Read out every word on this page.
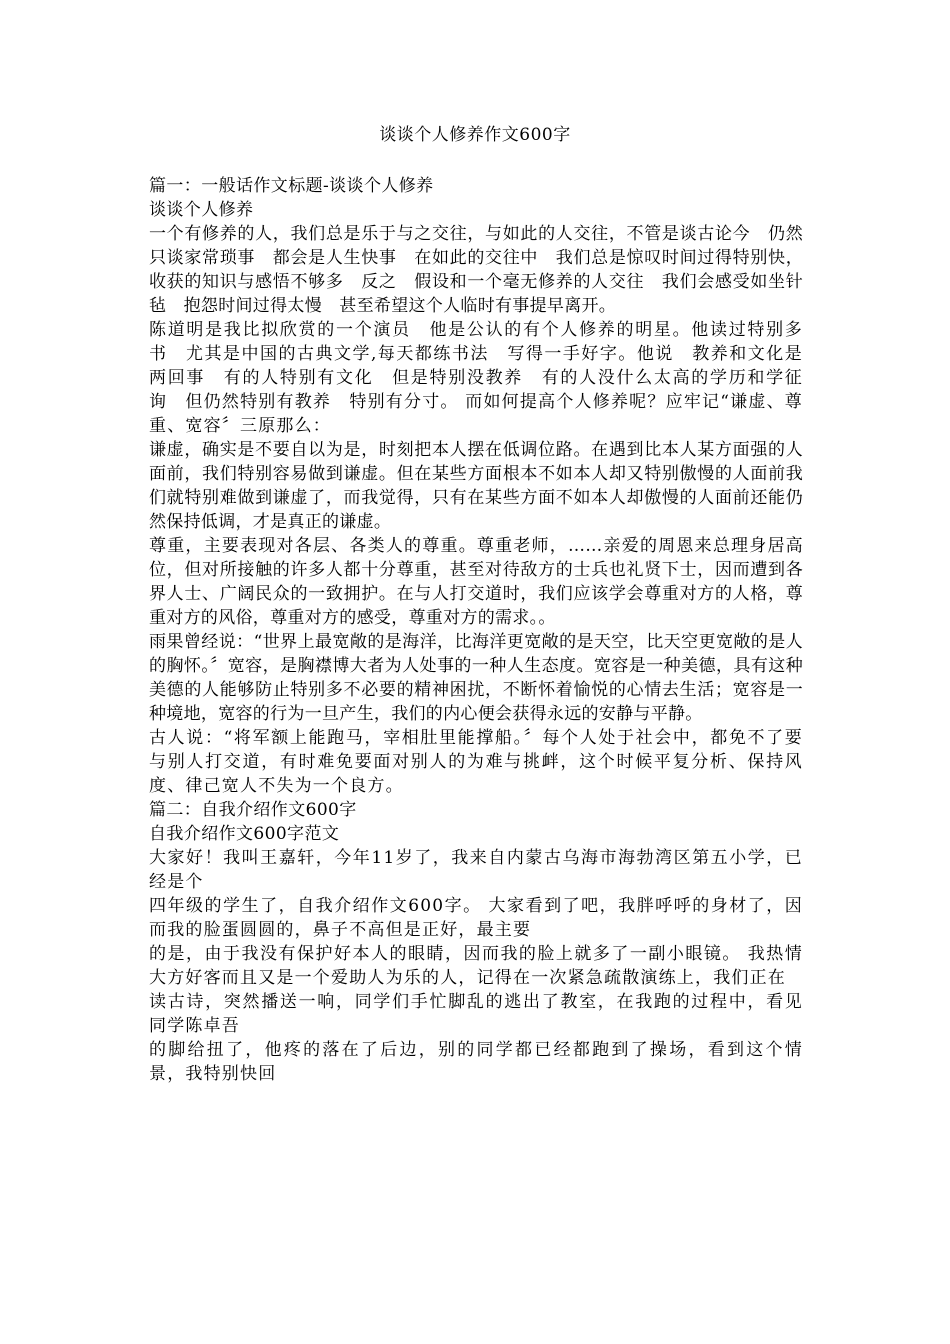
谈谈个人修养作文600字

篇一：一般话作文标题-谈谈个人修养

谈谈个人修养

一个有修养的人，我们总是乐于与之交往，与如此的人交往，不管是谈古论今　仍然只谈家常琐事　都会是人生快事　在如此的交往中　我们总是惊叹时间过得特别快，收获的知识与感悟不够多　反之　假设和一个毫无修养的人交往　我们会感受如坐针毡　抱怨时间过得太慢　甚至希望这个人临时有事提早离开。

陈道明是我比拟欣赏的一个演员　他是公认的有个人修养的明星。他读过特别多书　尤其是中国的古典文学,每天都练书法　写得一手好字。他说　教养和文化是两回事　有的人特别有文化　但是特别没教养　有的人没什么太高的学历和学征询　但仍然特别有教养　特别有分寸。 而如何提高个人修养呢？应牢记“谦虚、尊重、宽容〞三原那么：

谦虚，确实是不要自以为是，时刻把本人摆在低调位路。在遇到比本人某方面强的人面前，我们特别容易做到谦虚。但在某些方面根本不如本人却又特别傲慢的人面前我们就特别难做到谦虚了，而我觉得，只有在某些方面不如本人却傲慢的人面前还能仍然保持低调，才是真正的谦虚。

尊重，主要表现对各层、各类人的尊重。尊重老师，……亲爱的周恩来总理身居高位，但对所接触的许多人都十分尊重，甚至对待敌方的士兵也礼贤下士，因而遭到各界人士、广阔民众的一致拥护。在与人打交道时，我们应该学会尊重对方的人格，尊重对方的风俗，尊重对方的感受，尊重对方的需求。。

雨果曾经说：“世界上最宽敞的是海洋，比海洋更宽敞的是天空，比天空更宽敞的是人的胸怀。〞宽容，是胸襟博大者为人处事的一种人生态度。宽容是一种美德，具有这种美德的人能够防止特别多不必要的精神困扰，不断怀着愉悦的心情去生活；宽容是一种境地，宽容的行为一旦产生，我们的内心便会获得永远的安静与平静。

古人说：“将军额上能跑马，宰相肚里能撑船。〞每个人处于社会中，都免不了要与别人打交道，有时难免要面对别人的为难与挑衅，这个时候平复分析、保持风度、律己宽人不失为一个良方。

篇二：自我介绍作文600字

自我介绍作文600字范文

大家好！我叫王嘉轩，今年11岁了，我来自内蒙古乌海市海勃湾区第五小学，已经是个

四年级的学生了，自我介绍作文600字。 大家看到了吧，我胖呼呼的身材了，因而我的脸蛋圆圆的，鼻子不高但是正好，最主要

的是，由于我没有保护好本人的眼睛，因而我的脸上就多了一副小眼镜。 我热情大方好客而且又是一个爱助人为乐的人，记得在一次紧急疏散演练上，我们正在

读古诗，突然播送一响，同学们手忙脚乱的逃出了教室，在我跑的过程中，看见同学陈卓吾

的脚给扭了，他疼的落在了后边，别的同学都已经都跑到了操场，看到这个情景，我特别快回
